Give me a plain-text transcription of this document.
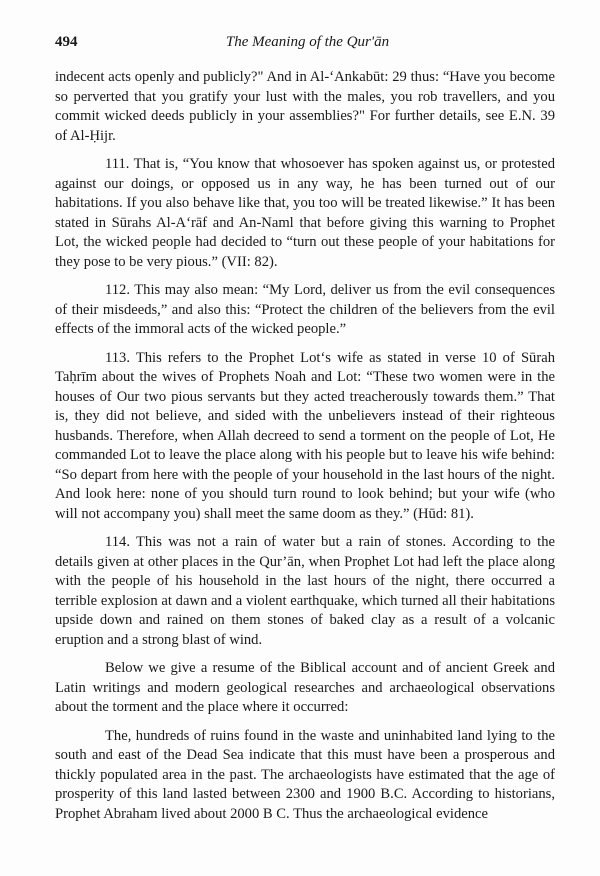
494	The Meaning of the Qur'ān

indecent acts openly and publicly?" And in Al-‘Ankabūt: 29 thus: “Have you become so perverted that you gratify your lust with the males, you rob travellers, and you commit wicked deeds publicly in your assemblies?" For further details, see E.N. 39 of Al-Ḥijr.

111. That is, “You know that whosoever has spoken against us, or protested against our doings, or opposed us in any way, he has been turned out of our habitations. If you also behave like that, you too will be treated likewise.” It has been stated in Sūrahs Al-A‘rāf and An-Naml that before giving this warning to Prophet Lot, the wicked people had decided to “turn out these people of your habitations for they pose to be very pious.” (VII: 82).

112. This may also mean: “My Lord, deliver us from the evil consequences of their misdeeds,” and also this: “Protect the children of the believers from the evil effects of the immoral acts of the wicked people.”

113. This refers to the Prophet Lot‘s wife as stated in verse 10 of Sūrah Taḥrīm about the wives of Prophets Noah and Lot: “These two women were in the houses of Our two pious servants but they acted treacherously towards them.” That is, they did not believe, and sided with the unbelievers instead of their righteous husbands. Therefore, when Allah decreed to send a torment on the people of Lot, He commanded Lot to leave the place along with his people but to leave his wife behind: “So depart from here with the people of your household in the last hours of the night. And look here: none of you should turn round to look behind; but your wife (who will not accompany you) shall meet the same doom as they.” (Hūd: 81).

114. This was not a rain of water but a rain of stones. According to the details given at other places in the Qur’ān, when Prophet Lot had left the place along with the people of his household in the last hours of the night, there occurred a terrible explosion at dawn and a violent earthquake, which turned all their habitations upside down and rained on them stones of baked clay as a result of a volcanic eruption and a strong blast of wind.

Below we give a resume of the Biblical account and of ancient Greek and Latin writings and modern geological researches and archaeological observations about the torment and the place where it occurred:

The, hundreds of ruins found in the waste and uninhabited land lying to the south and east of the Dead Sea indicate that this must have been a prosperous and thickly populated area in the past. The archaeologists have estimated that the age of prosperity of this land lasted between 2300 and 1900 B.C. According to historians, Prophet Abraham lived about 2000 B C. Thus the archaeological evidence
